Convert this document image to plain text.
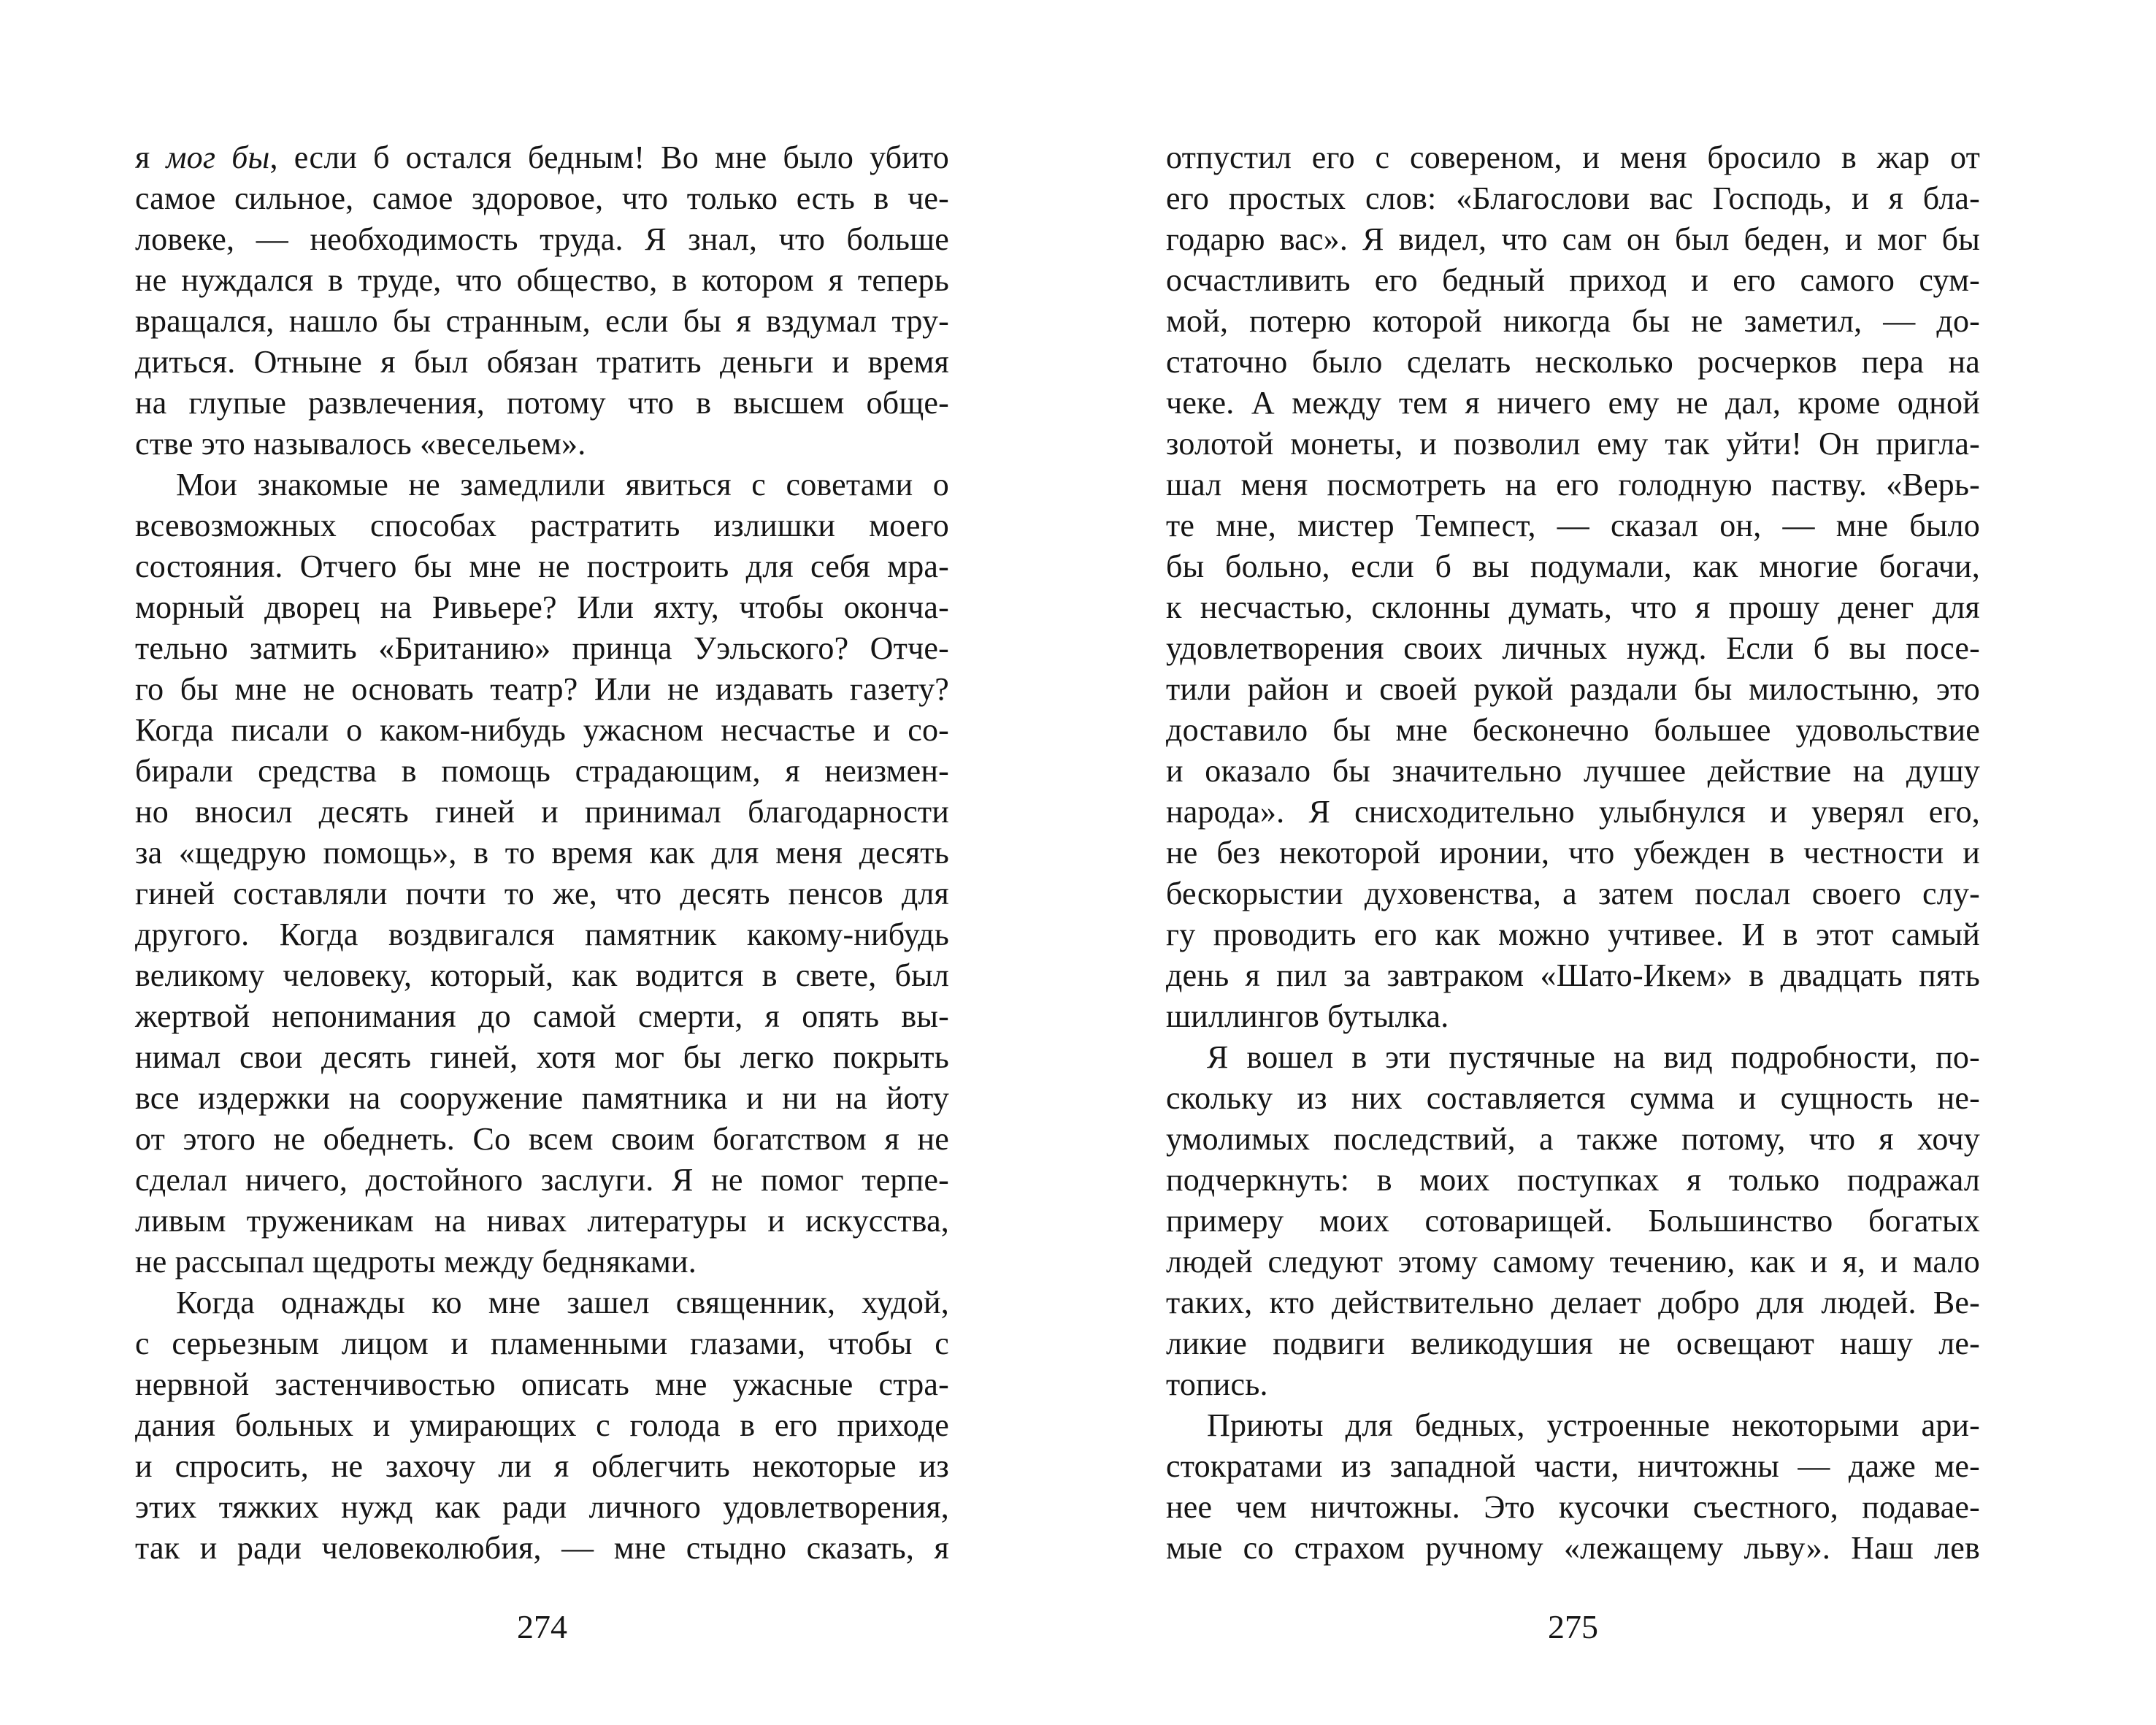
я мог бы, если б остался бедным! Во мне было убито
самое сильное, самое здоровое, что только есть в че-
ловеке, — необходимость труда. Я знал, что больше
не нуждался в труде, что общество, в котором я теперь
вращался, нашло бы странным, если бы я вздумал тру-
диться. Отныне я был обязан тратить деньги и время
на глупые развлечения, потому что в высшем обще-
стве это называлось «весельем».
Мои знакомые не замедлили явиться с советами о
всевозможных способах растратить излишки моего
состояния. Отчего бы мне не построить для себя мра-
морный дворец на Ривьере? Или яхту, чтобы оконча-
тельно затмить «Британию» принца Уэльского? Отче-
го бы мне не основать театр? Или не издавать газету?
Когда писали о каком-нибудь ужасном несчастье и со-
бирали средства в помощь страдающим, я неизмен-
но вносил десять гиней и принимал благодарности
за «щедрую помощь», в то время как для меня десять
гиней составляли почти то же, что десять пенсов для
другого. Когда воздвигался памятник какому-нибудь
великому человеку, который, как водится в свете, был
жертвой непонимания до самой смерти, я опять вы-
нимал свои десять гиней, хотя мог бы легко покрыть
все издержки на сооружение памятника и ни на йоту
от этого не обеднеть. Со всем своим богатством я не
сделал ничего, достойного заслуги. Я не помог терпе-
ливым труженикам на нивах литературы и искусства,
не рассыпал щедроты между бедняками.
Когда однажды ко мне зашел священник, худой,
с серьезным лицом и пламенными глазами, чтобы с
нервной застенчивостью описать мне ужасные стра-
дания больных и умирающих с голода в его приходе
и спросить, не захочу ли я облегчить некоторые из
этих тяжких нужд как ради личного удовлетворения,
так и ради человеколюбия, — мне стыдно сказать, я
274
отпустил его с совереном, и меня бросило в жар от
его простых слов: «Благослови вас Господь, и я бла-
годарю вас». Я видел, что сам он был беден, и мог бы
осчастливить его бедный приход и его самого сум-
мой, потерю которой никогда бы не заметил, — до-
статочно было сделать несколько росчерков пера на
чеке. А между тем я ничего ему не дал, кроме одной
золотой монеты, и позволил ему так уйти! Он пригла-
шал меня посмотреть на его голодную паству. «Верь-
те мне, мистер Темпест, — сказал он, — мне было
бы больно, если б вы подумали, как многие богачи,
к несчастью, склонны думать, что я прошу денег для
удовлетворения своих личных нужд. Если б вы посе-
тили район и своей рукой раздали бы милостыню, это
доставило бы мне бесконечно большее удовольствие
и оказало бы значительно лучшее действие на душу
народа». Я снисходительно улыбнулся и уверял его,
не без некоторой иронии, что убежден в честности и
бескорыстии духовенства, а затем послал своего слу-
гу проводить его как можно учтивее. И в этот самый
день я пил за завтраком «Шато-Икем» в двадцать пять
шиллингов бутылка.
Я вошел в эти пустячные на вид подробности, по-
скольку из них составляется сумма и сущность не-
умолимых последствий, а также потому, что я хочу
подчеркнуть: в моих поступках я только подражал
примеру моих сотоварищей. Большинство богатых
людей следуют этому самому течению, как и я, и мало
таких, кто действительно делает добро для людей. Ве-
ликие подвиги великодушия не освещают нашу ле-
топись.
Приюты для бедных, устроенные некоторыми ари-
стократами из западной части, ничтожны — даже ме-
нее чем ничтожны. Это кусочки съестного, подавае-
мые со страхом ручному «лежащему льву». Наш лев
275
